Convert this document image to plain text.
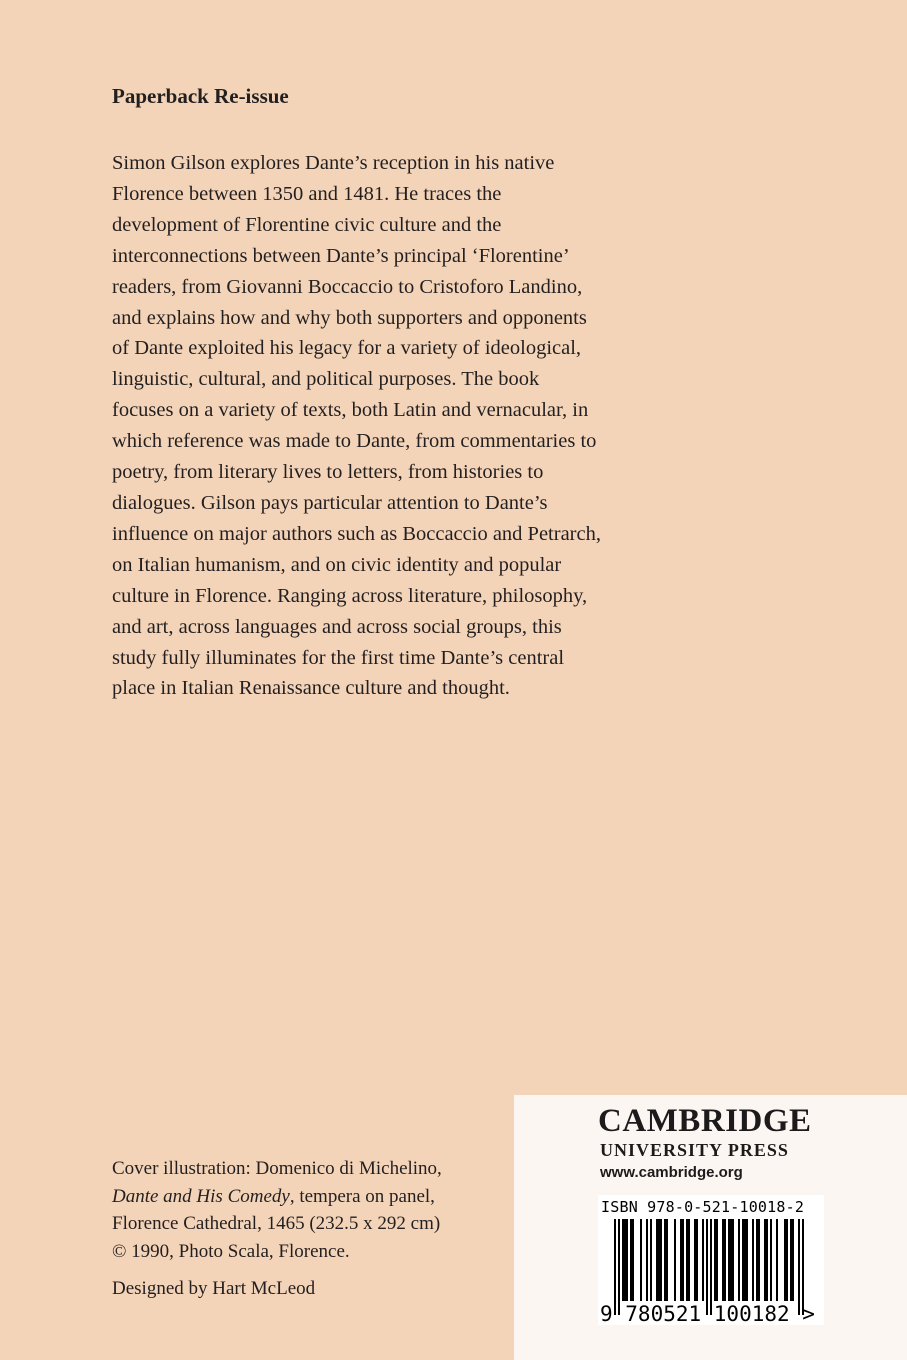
Paperback Re-issue

Simon Gilson explores Dante’s reception in his native Florence between 1350 and 1481. He traces the development of Florentine civic culture and the interconnections between Dante’s principal ‘Florentine’ readers, from Giovanni Boccaccio to Cristoforo Landino, and explains how and why both supporters and opponents of Dante exploited his legacy for a variety of ideological, linguistic, cultural, and political purposes. The book focuses on a variety of texts, both Latin and vernacular, in which reference was made to Dante, from commentaries to poetry, from literary lives to letters, from histories to dialogues. Gilson pays particular attention to Dante’s influence on major authors such as Boccaccio and Petrarch, on Italian humanism, and on civic identity and popular culture in Florence. Ranging across literature, philosophy, and art, across languages and across social groups, this study fully illuminates for the first time Dante’s central place in Italian Renaissance culture and thought.

Cover illustration: Domenico di Michelino,
Dante and His Comedy, tempera on panel,
Florence Cathedral, 1465 (232.5 x 292 cm)
© 1990, Photo Scala, Florence.

Designed by Hart McLeod

CAMBRIDGE
UNIVERSITY PRESS
www.cambridge.org
ISBN 978-0-521-10018-2
9 780521 100182 >
